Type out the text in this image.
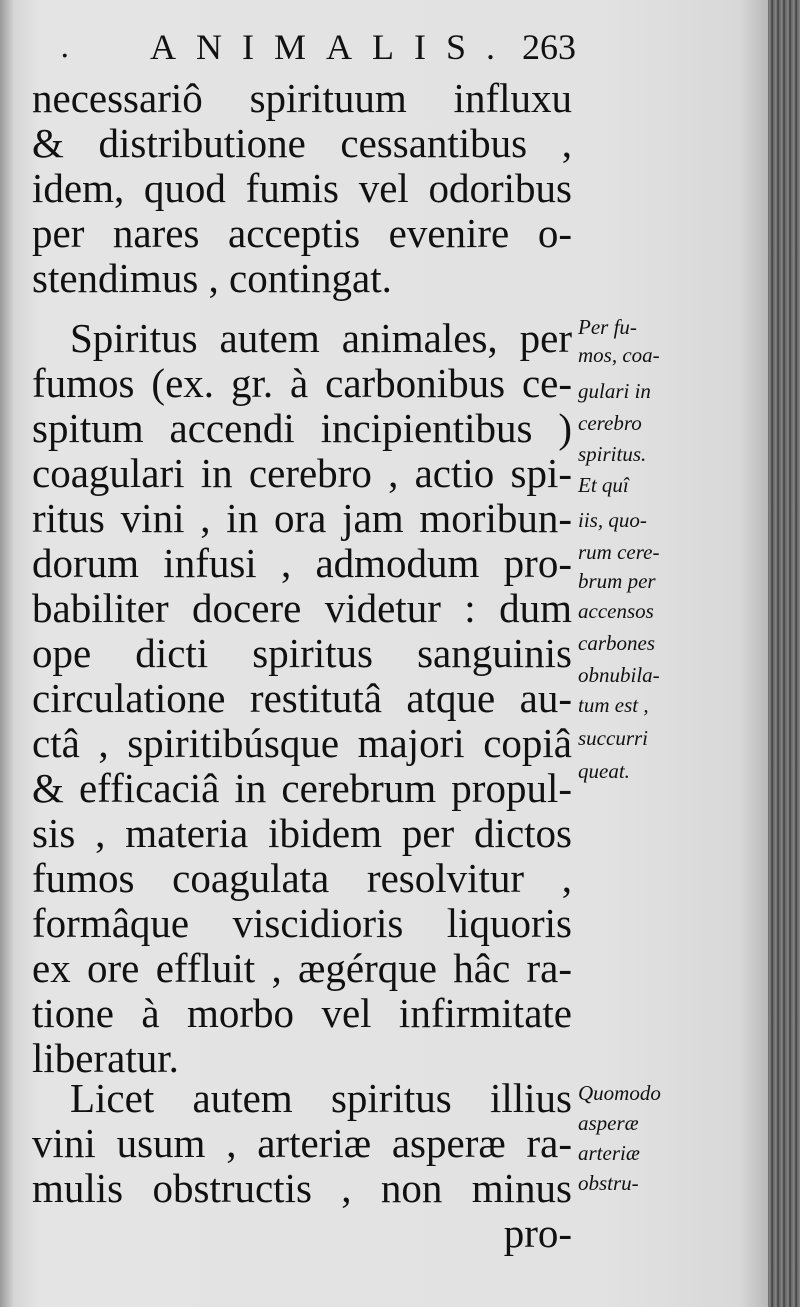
. ANIMALIS. 263
necessariô spirituum influxu
& distributione cessantibus ,
idem, quod fumis vel odoribus
per nares acceptis evenire o-
stendimus , contingat.
Spiritus autem animales, per
fumos (ex. gr. à carbonibus ce-
spitum accendi incipientibus )
coagulari in cerebro , actio spi-
ritus vini , in ora jam moribun-
dorum infusi , admodum pro-
babiliter docere videtur : dum
ope dicti spiritus sanguinis
circulatione restitutâ atque au-
ctâ , spiritibúsque majori copiâ
& efficaciâ in cerebrum propul-
sis , materia ibidem per dictos
fumos coagulata resolvitur ,
formâque viscidioris liquoris
ex ore effluit , ægérque hâc ra-
tione à morbo vel infirmitate
liberatur.
Licet autem spiritus illius
vini usum , arteriæ asperæ ra-
mulis obstructis , non minus
pro-
Per fu-
mos, coa-
gulari in
cerebro
spiritus.
Et quî
iis, quo-
rum cere-
brum per
accensos
carbones
obnubila-
tum est ,
succurri
queat.
Quomodo
asperæ
arteriæ
obstru-
